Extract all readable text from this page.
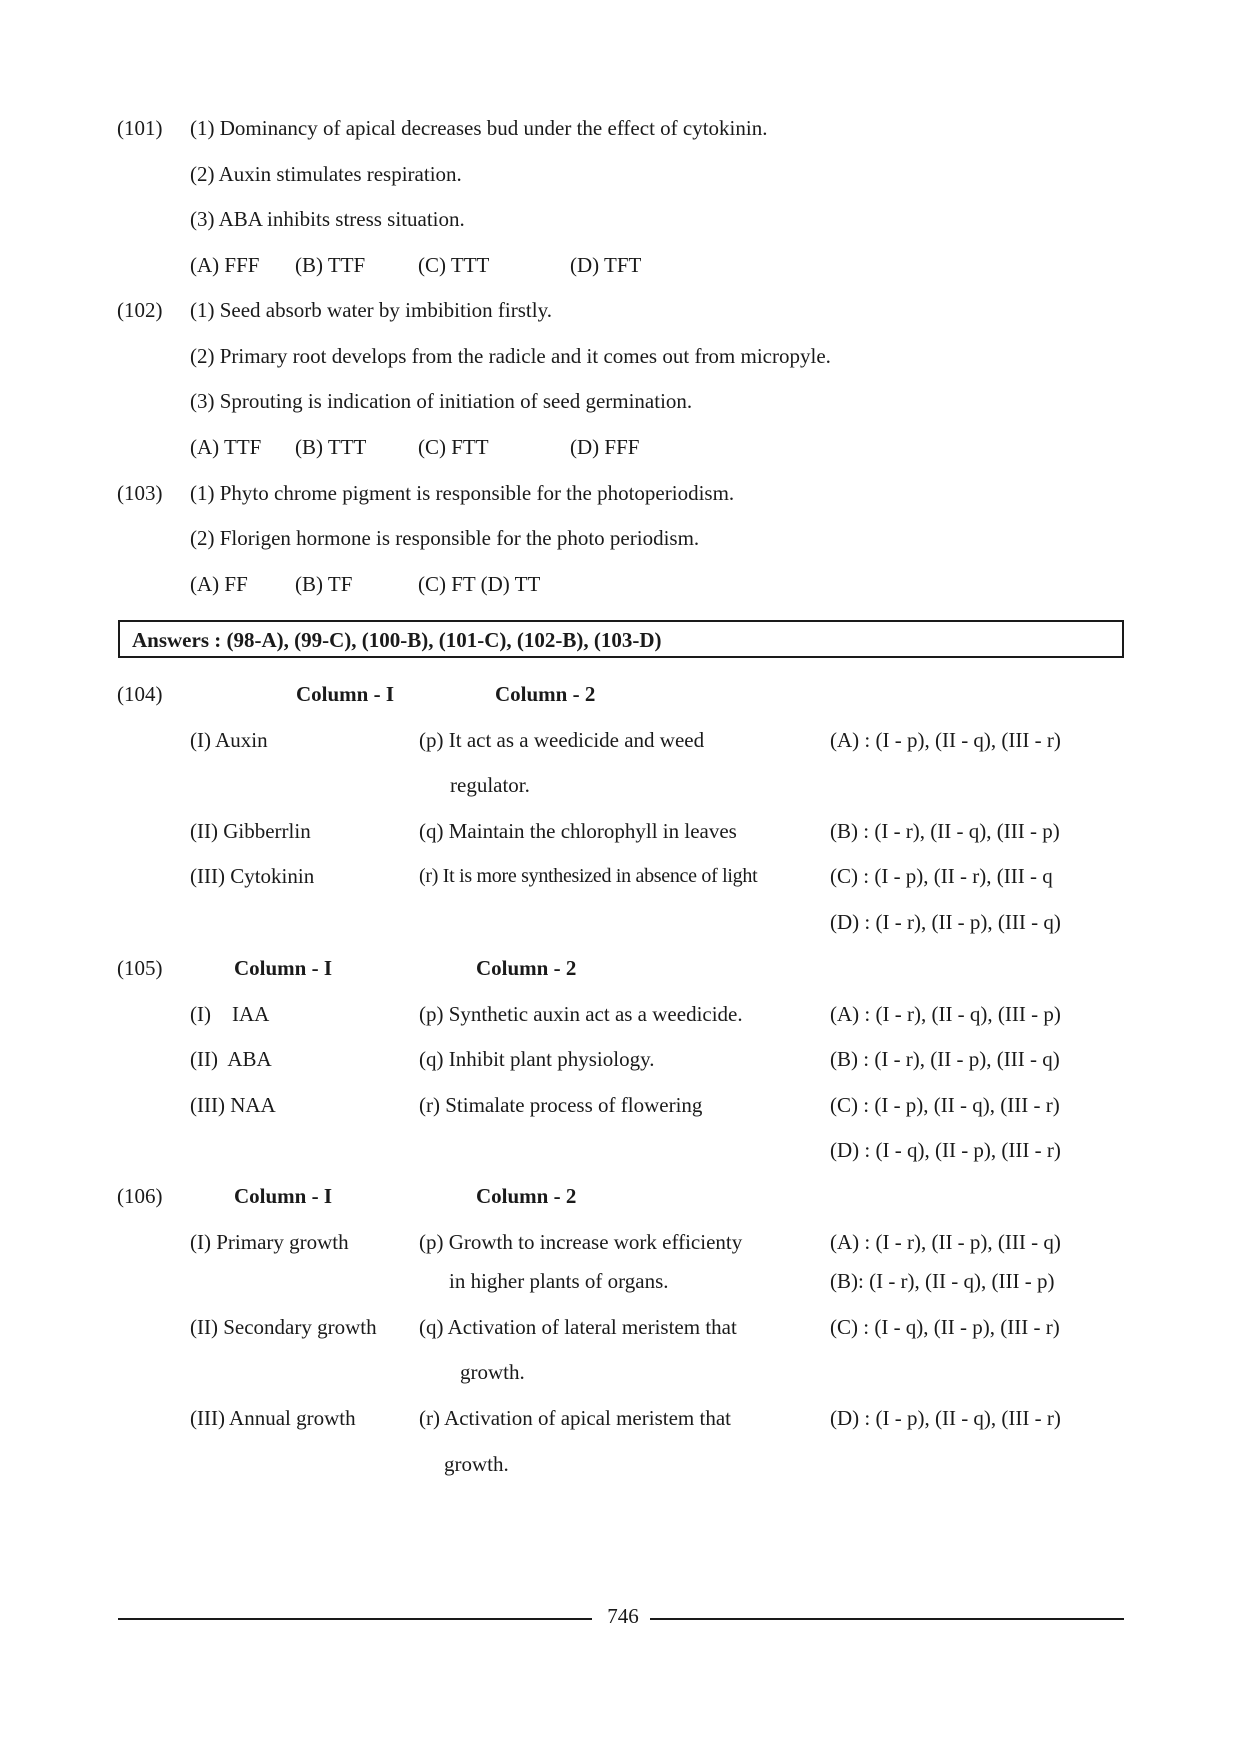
(101) (1) Dominancy of apical decreases bud under the effect of cytokinin.
(2) Auxin stimulates respiration.
(3) ABA inhibits stress situation.
(A) FFF (B) TTF	(C) TTT	(D) TFT
(102) (1) Seed absorb water by imbibition firstly.
(2) Primary root develops from the radicle and it comes out from micropyle.
(3) Sprouting is indication of initiation of seed germination.
(A) TTF (B) TTT (C) FTT	(D) FFF
(103) (1) Phyto chrome pigment is responsible for the photoperiodism.
(2) Florigen hormone is responsible for the photo periodism.
(A) FF (B) TF	(C) FT (D) TT
Answers : (98-A), (99-C), (100-B), (101-C), (102-B), (103-D)
(104)	Column - I	Column - 2
(I) Auxin	(p) It act as a weedicide and weed	(A) : (I - p), (II - q), (III - r)
regulator.
(II) Gibberrlin	(q) Maintain the chlorophyll in leaves	(B) : (I - r), (II - q), (III - p)
(III) Cytokinin	(r) It is more synthesized in absence of light	(C) : (I - p), (II - r), (III - q
(D) : (I - r), (II - p), (III - q)
(105)	Column - I	Column - 2
(I)    IAA	(p) Synthetic auxin act as a weedicide.	(A) : (I - r), (II - q), (III - p)
(II)  ABA	(q) Inhibit plant physiology.	(B) : (I - r), (II - p), (III - q)
(III) NAA	(r) Stimalate process of flowering	(C) : (I - p), (II - q), (III - r)
(D) : (I - q), (II - p), (III - r)
(106)	Column - I	Column - 2
(I) Primary growth	(p) Growth to increase work efficienty	(A) : (I - r), (II - p), (III - q)
in higher plants of organs.	(B): (I - r), (II - q), (III - p)
(II) Secondary growth (q) Activation of lateral meristem that	(C) : (I - q), (II - p), (III - r)
growth.
(III) Annual growth	(r) Activation of apical meristem that	(D) : (I - p), (II - q), (III - r)
growth.
746
